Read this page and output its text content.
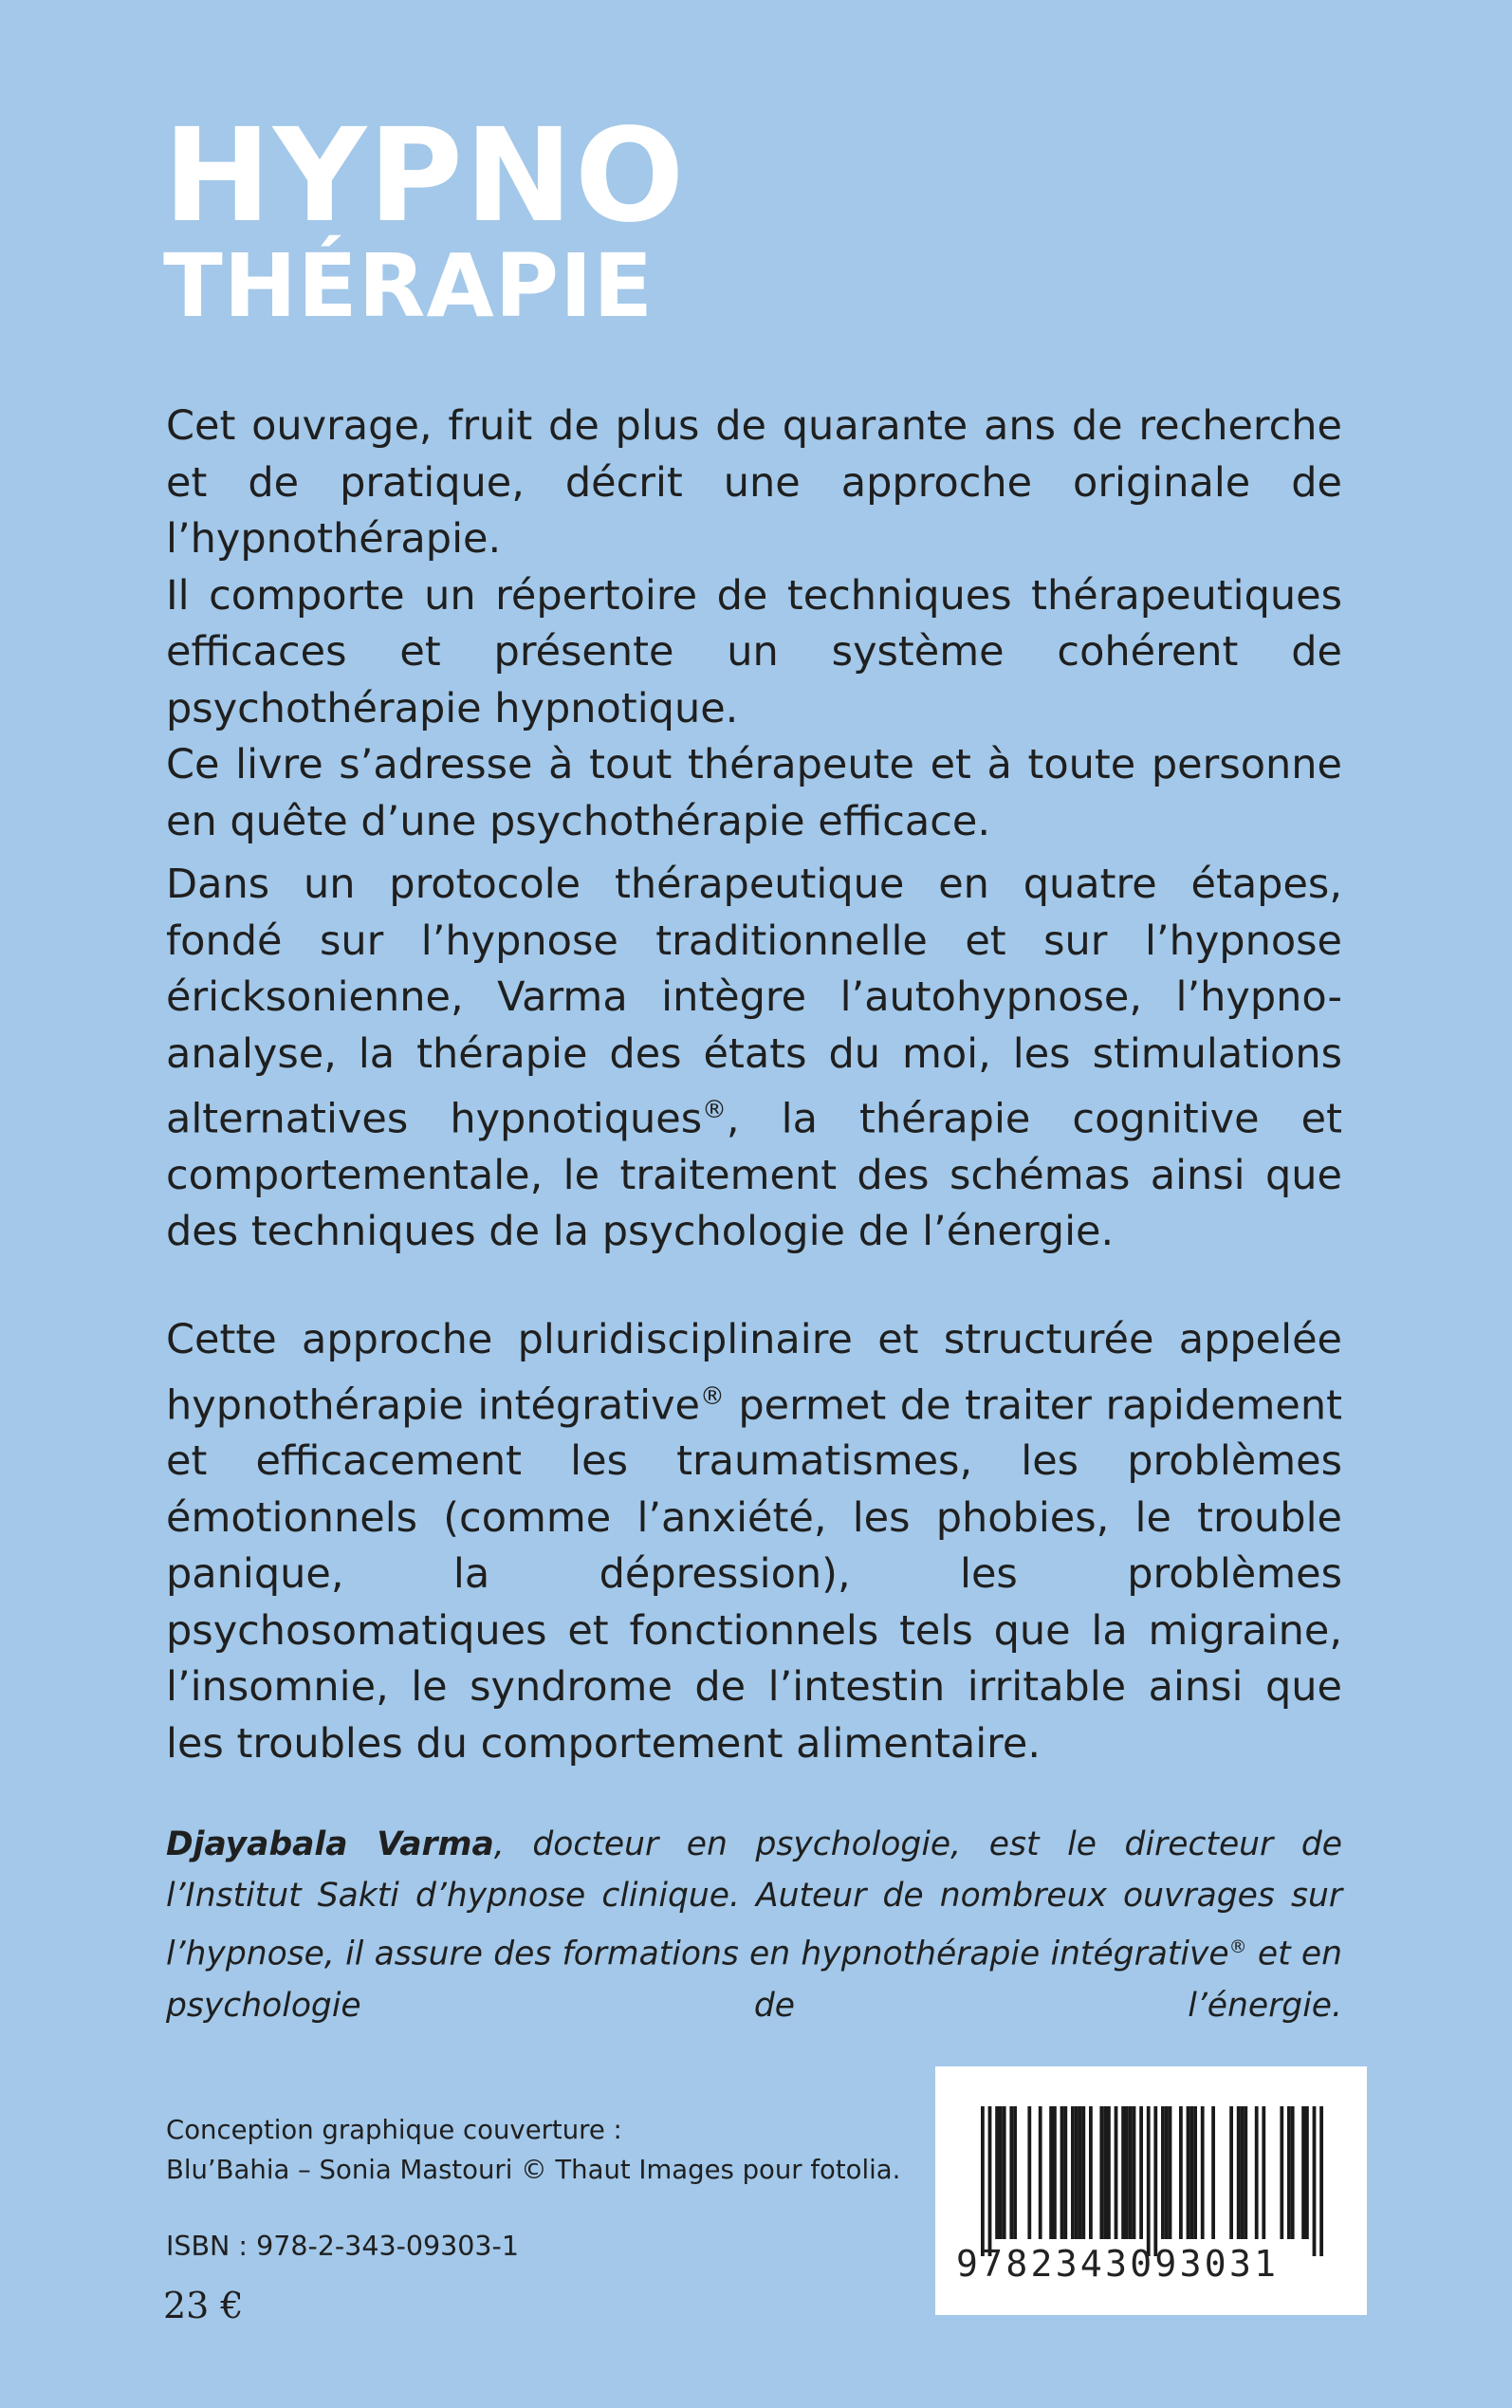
HYPNO
THÉRAPIE

Cet ouvrage, fruit de plus de quarante ans de recherche et de pratique, décrit une approche originale de l’hypnothérapie.

Il comporte un répertoire de techniques thérapeutiques efficaces et présente un système cohérent de psychothérapie hypnotique.

Ce livre s’adresse à tout thérapeute et à toute personne en quête d’une psychothérapie efficace.

Dans un protocole thérapeutique en quatre étapes, fondé sur l’hypnose traditionnelle et sur l’hypnose éricksonienne, Varma intègre l’autohypnose, l’hypno-analyse, la thérapie des états du moi, les stimulations alternatives hypnotiques®, la thérapie cognitive et comportementale, le traitement des schémas ainsi que des techniques de la psychologie de l’énergie.

Cette approche pluridisciplinaire et structurée appelée hypnothérapie intégrative® permet de traiter rapidement et efficacement les traumatismes, les problèmes émotionnels (comme l’anxiété, les phobies, le trouble panique, la dépression), les problèmes psychosomatiques et fonctionnels tels que la migraine, l’insomnie, le syndrome de l’intestin irritable ainsi que les troubles du comportement alimentaire.

Djayabala Varma, docteur en psychologie, est le directeur de l’Institut Sakti d’hypnose clinique. Auteur de nombreux ouvrages sur l’hypnose, il assure des formations en hypnothérapie intégrative® et en psychologie de l’énergie.
Conception graphique couverture :
Blu’Bahia – Sonia Mastouri © Thaut Images pour fotolia.
ISBN : 978-2-343-09303-1
23 €
9782343093031
